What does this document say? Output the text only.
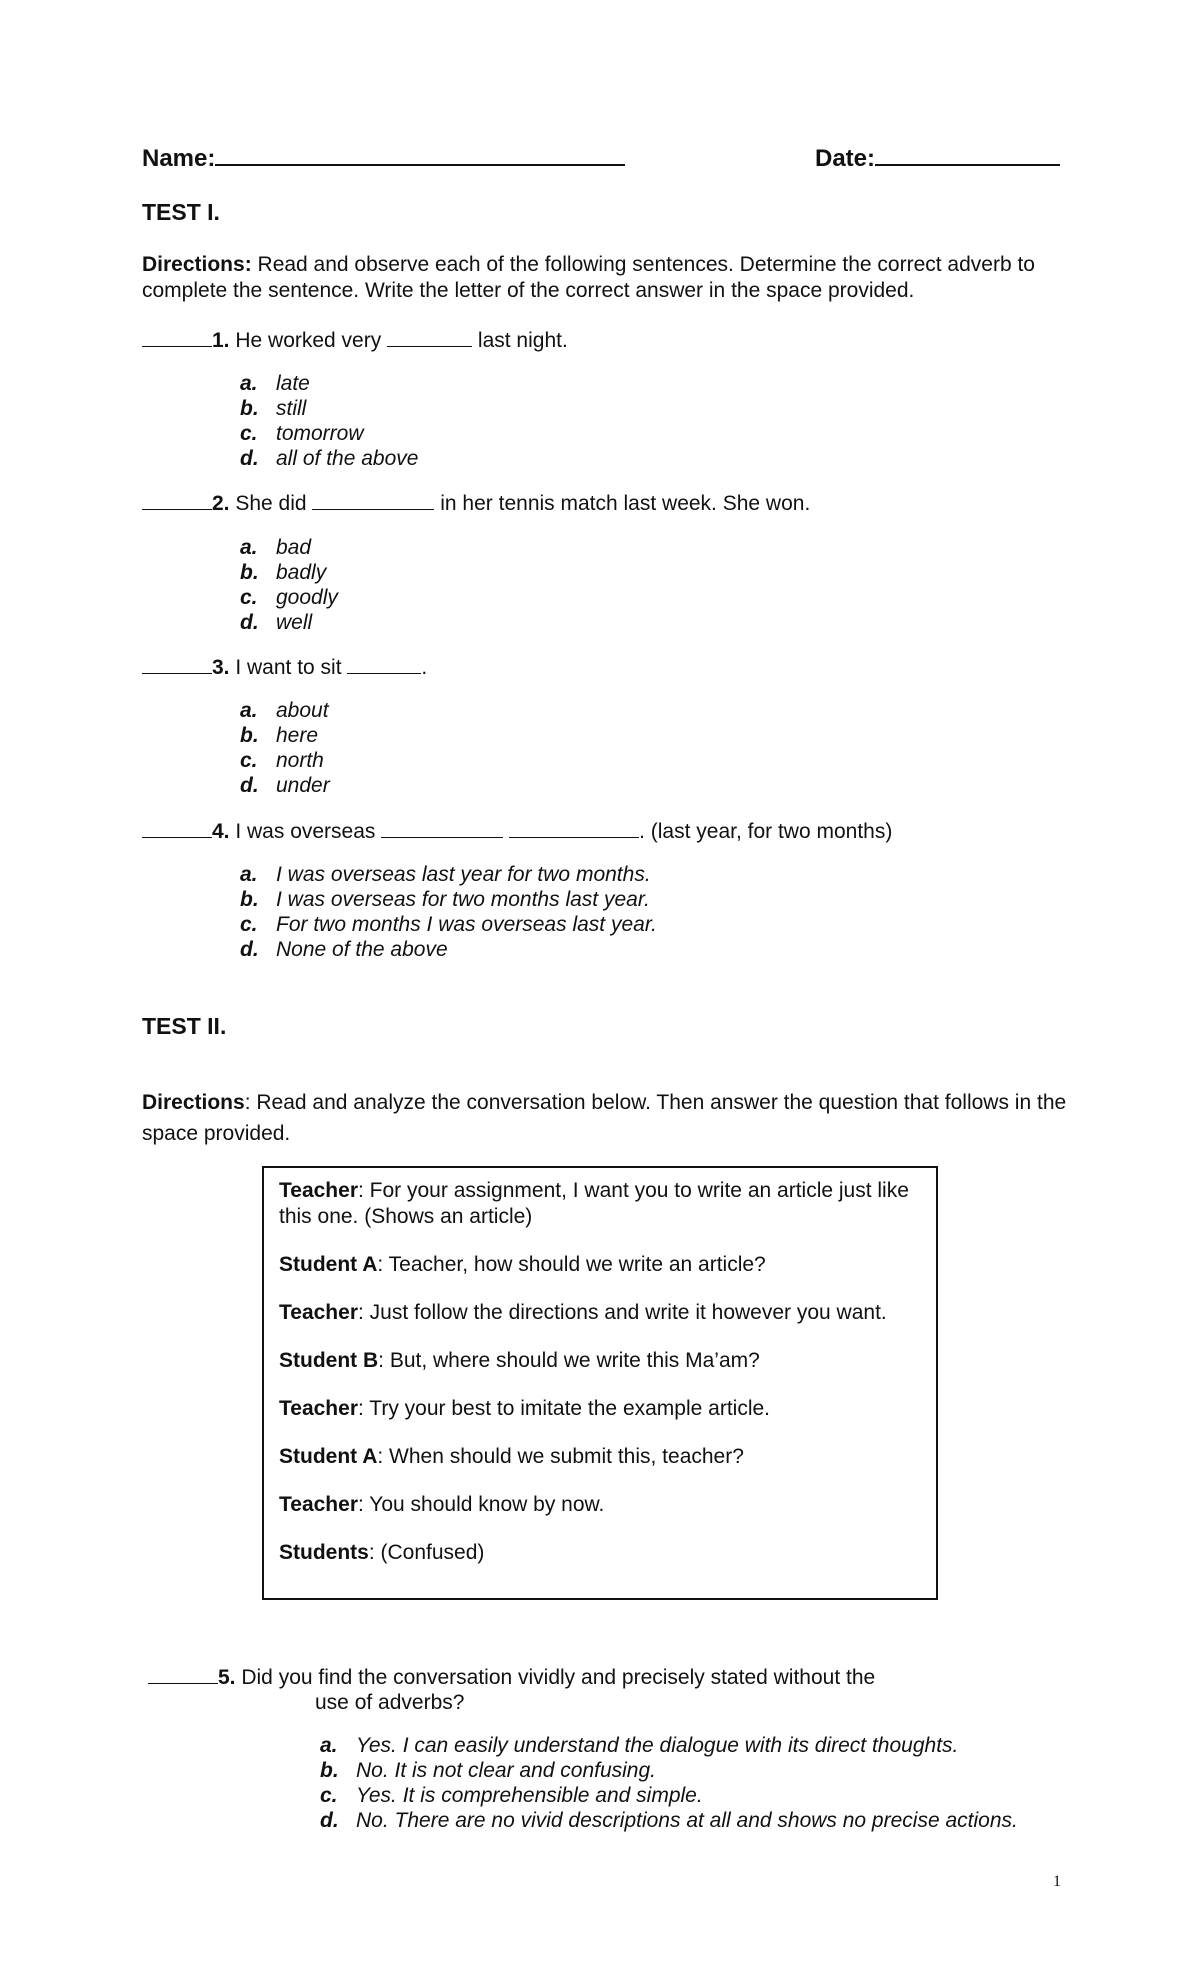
Name:	Date:
TEST I.
Directions: Read and observe each of the following sentences. Determine the correct adverb to complete the sentence. Write the letter of the correct answer in the space provided.
1. He worked very	last night.
a. late
b. still
c. tomorrow
d. all of the above
2. She did	in her tennis match last week. She won.
a. bad
b. badly
c. goodly
d. well
3. I want to sit	.
a. about
b. here
c. north
d. under
4. I was overseas	. (last year, for two months)
a. I was overseas last year for two months.
b. I was overseas for two months last year.
c. For two months I was overseas last year.
d. None of the above
TEST II.
Directions: Read and analyze the conversation below. Then answer the question that follows in the space provided.
Teacher: For your assignment, I want you to write an article just like this one. (Shows an article)
Student A: Teacher, how should we write an article?
Teacher: Just follow the directions and write it however you want.
Student B: But, where should we write this Ma’am?
Teacher: Try your best to imitate the example article.
Student A: When should we submit this, teacher?
Teacher: You should know by now.
Students: (Confused)
5. Did you find the conversation vividly and precisely stated without the
use of adverbs?
a. Yes. I can easily understand the dialogue with its direct thoughts.
b. No. It is not clear and confusing.
c. Yes. It is comprehensible and simple.
d. No. There are no vivid descriptions at all and shows no precise actions.
1
